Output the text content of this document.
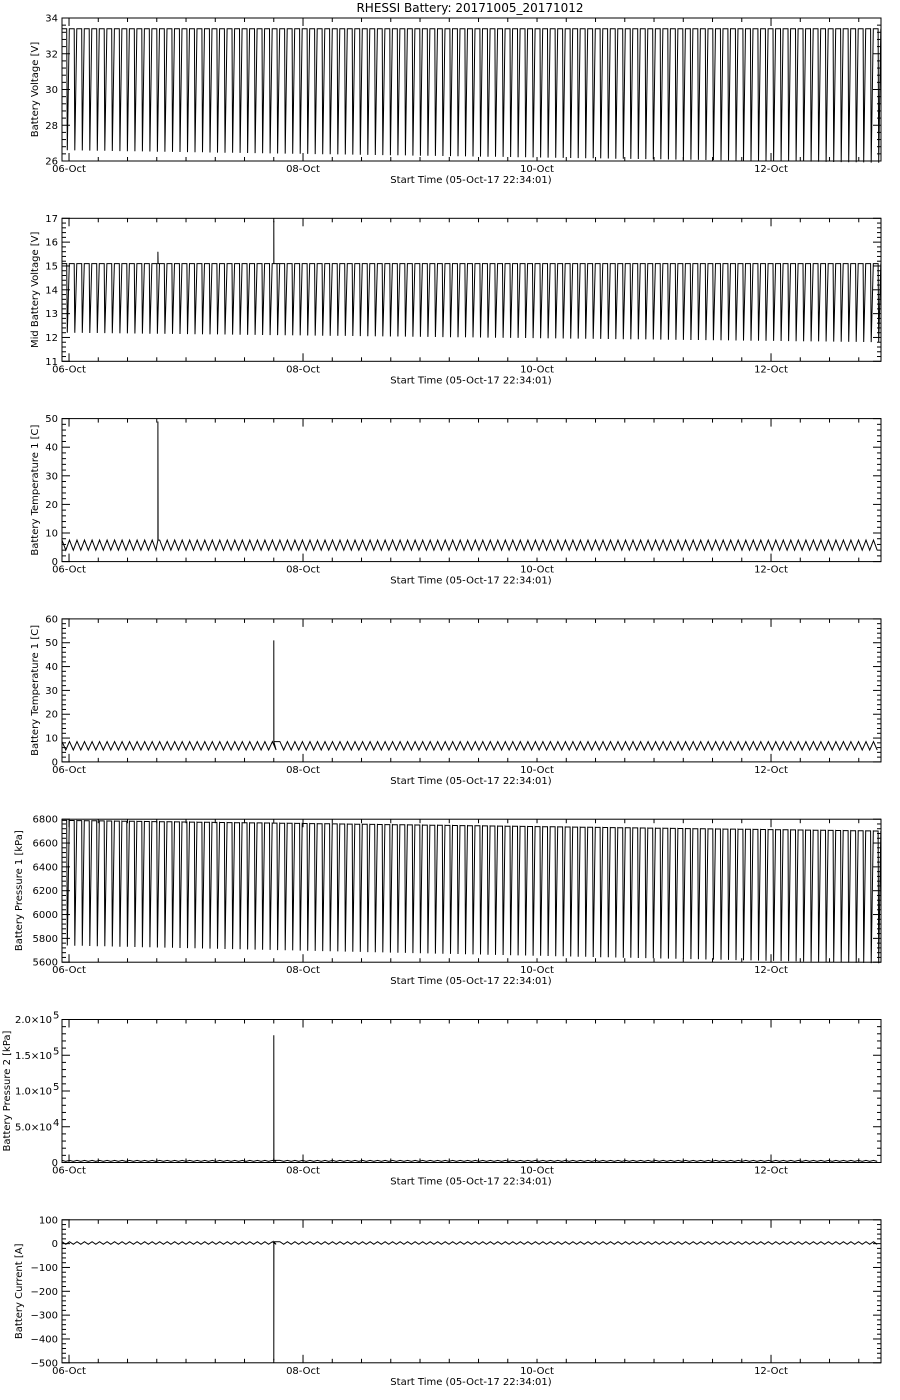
RHESSI Battery: 20171005_20171012
06-Oct	08-Oct	10-Oct	12-Oct
26
28
30
32
34
Battery Voltage [V]
Start Time (05-Oct-17 22:34:01)
06-Oct	08-Oct	10-Oct	12-Oct
11
12
13
14
15
16
17
Mid Battery Voltage [V]
Start Time (05-Oct-17 22:34:01)
06-Oct	08-Oct	10-Oct	12-Oct
0
10
20
30
40
50
Battery Temperature 1 [C]
Start Time (05-Oct-17 22:34:01)
06-Oct	08-Oct	10-Oct	12-Oct
0
10
20
30
40
50
60
Battery Temperature 1 [C]
Start Time (05-Oct-17 22:34:01)
06-Oct	08-Oct	10-Oct	12-Oct
5600
5800
6000
6200
6400
6600
6800
Battery Pressure 1 [kPa]
Start Time (05-Oct-17 22:34:01)
06-Oct	08-Oct	10-Oct	12-Oct
0
5.0×10 4
1.0×10 5
1.5×10 5
2.0×10 5
Battery Pressure 2 [kPa]
Start Time (05-Oct-17 22:34:01)
06-Oct	08-Oct	10-Oct	12-Oct
−500
−400
−300
−200
−100
0
100
Battery Current [A]
Start Time (05-Oct-17 22:34:01)
